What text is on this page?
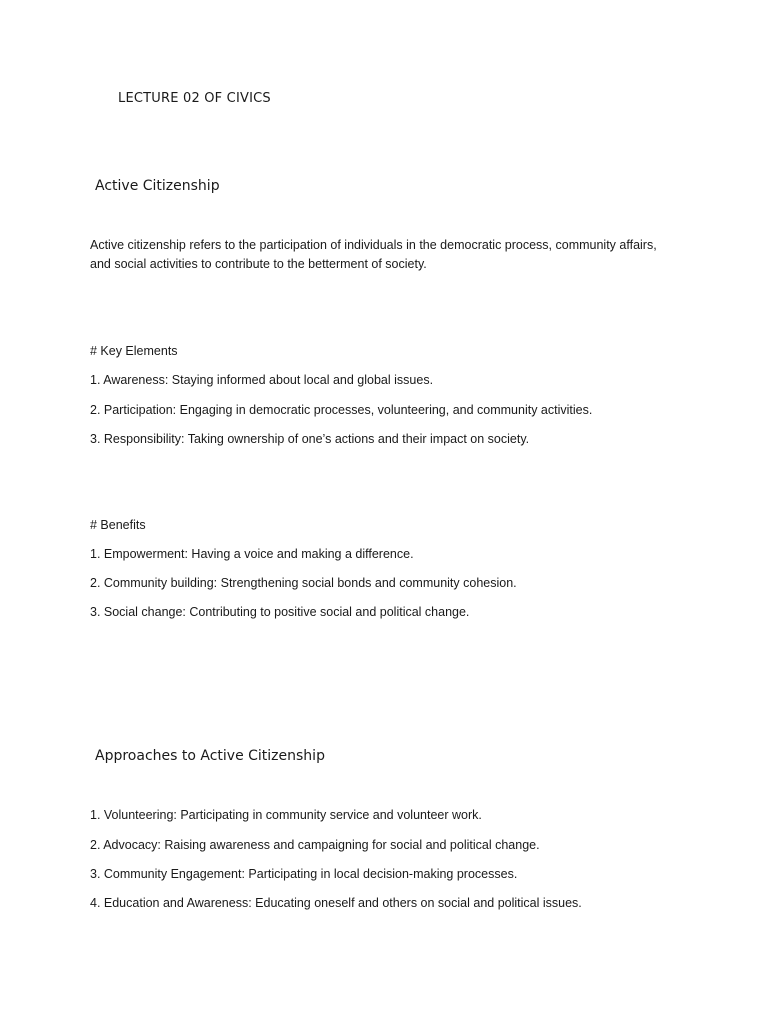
LECTURE 02 OF CIVICS
Active Citizenship
Active citizenship refers to the participation of individuals in the democratic process, community affairs,
and social activities to contribute to the betterment of society.
# Key Elements
1. Awareness: Staying informed about local and global issues.
2. Participation: Engaging in democratic processes, volunteering, and community activities.
3. Responsibility: Taking ownership of one’s actions and their impact on society.
# Benefits
1. Empowerment: Having a voice and making a difference.
2. Community building: Strengthening social bonds and community cohesion.
3. Social change: Contributing to positive social and political change.
Approaches to Active Citizenship
1. Volunteering: Participating in community service and volunteer work.
2. Advocacy: Raising awareness and campaigning for social and political change.
3. Community Engagement: Participating in local decision-making processes.
4. Education and Awareness: Educating oneself and others on social and political issues.
